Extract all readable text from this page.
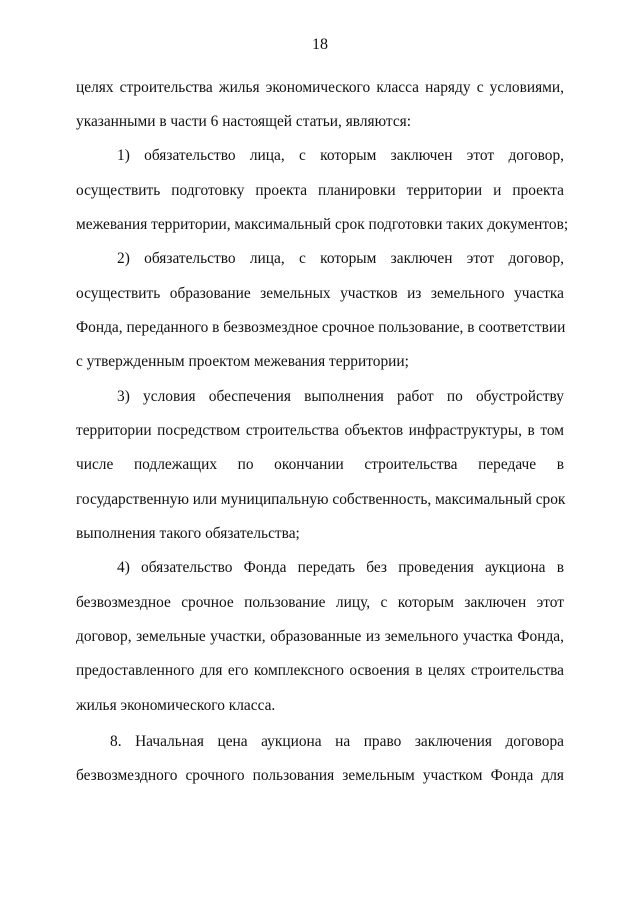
18
целях строительства жилья экономического класса наряду с условиями,
указанными в части 6 настоящей статьи, являются:
1) обязательство лица, с которым заключен этот договор,
осуществить подготовку проекта планировки территории и проекта
межевания территории, максимальный срок подготовки таких документов;
2) обязательство лица, с которым заключен этот договор,
осуществить образование земельных участков из земельного участка
Фонда, переданного в безвозмездное срочное пользование, в соответствии
с утвержденным проектом межевания территории;
3) условия обеспечения выполнения работ по обустройству
территории посредством строительства объектов инфраструктуры, в том
числе подлежащих по окончании строительства передаче в
государственную или муниципальную собственность, максимальный срок
выполнения такого обязательства;
4) обязательство Фонда передать без проведения аукциона в
безвозмездное срочное пользование лицу, с которым заключен этот
договор, земельные участки, образованные из земельного участка Фонда,
предоставленного для его комплексного освоения в целях строительства
жилья экономического класса.
8. Начальная цена аукциона на право заключения договора
безвозмездного срочного пользования земельным участком Фонда для
